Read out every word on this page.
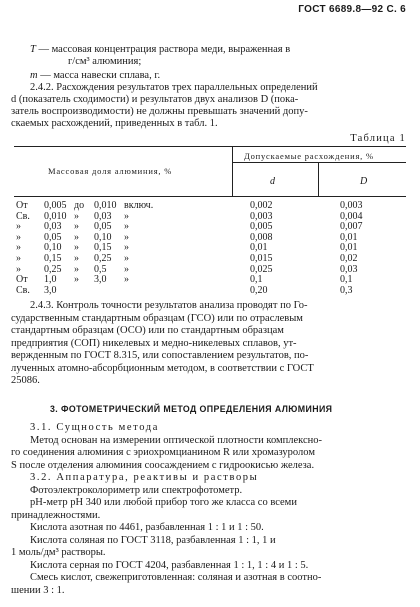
ГОСТ 6689.8—92 С. 6
T — массовая концентрация раствора меди, выраженная в
г/см³ алюминия;
m — масса навески сплава, г.
2.4.2. Расхождения результатов трех параллельных определений
d (показатель сходимости) и результатов двух анализов D (пока-
затель воспроизводимости) не должны превышать значений допу-
скаемых расхождений, приведенных в табл. 1.
Таблица 1
Массовая доля алюминия, %
Допускаемые расхождения, %
d	D
От 0,005 до 0,010 включ.	0,002	0,003
Св. 0,010 » 0,03 »	0,003	0,004
» 0,03 » 0,05 »	0,005	0,007
» 0,05 » 0,10 »	0,008	0,01
» 0,10 » 0,15 »	0,01	0,01
» 0,15 » 0,25 »	0,015	0,02
» 0,25 » 0,5 »	0,025	0,03
От 1,0 » 3,0 »	0,1	0,1
Св. 3,0	0,20	0,3
2.4.3. Контроль точности результатов анализа проводят по Го-
сударственным стандартным образцам (ГСО) или по отраслевым
стандартным образцам (ОСО) или по стандартным образцам
предприятия (СОП) никелевых и медно-никелевых сплавов, ут-
вержденным по ГОСТ 8.315, или сопоставлением результатов, по-
лученных атомно-абсорбционным методом, в соответствии с ГОСТ
25086.
3. ФОТОМЕТРИЧЕСКИЙ МЕТОД ОПРЕДЕЛЕНИЯ АЛЮМИНИЯ
3.1. Сущность метода
Метод основан на измерении оптической плотности комплексно-
го соединения алюминия с эриохромцианином R или хромазуролом
S после отделения алюминия соосаждением с гидроокисью железа.
3.2. Аппаратура, реактивы и растворы
Фотоэлектроколориметр или спектрофотометр.
pH-метр pH 340 или любой прибор того же класса со всеми
принадлежностями.
Кислота азотная по 4461, разбавленная 1 : 1 и 1 : 50.
Кислота соляная по ГОСТ 3118, разбавленная 1 : 1, 1 и
1 моль/дм³ растворы.
Кислота серная по ГОСТ 4204, разбавленная 1 : 1, 1 : 4 и 1 : 5.
Смесь кислот, свежеприготовленная: соляная и азотная в соотно-
шении 3 : 1.
